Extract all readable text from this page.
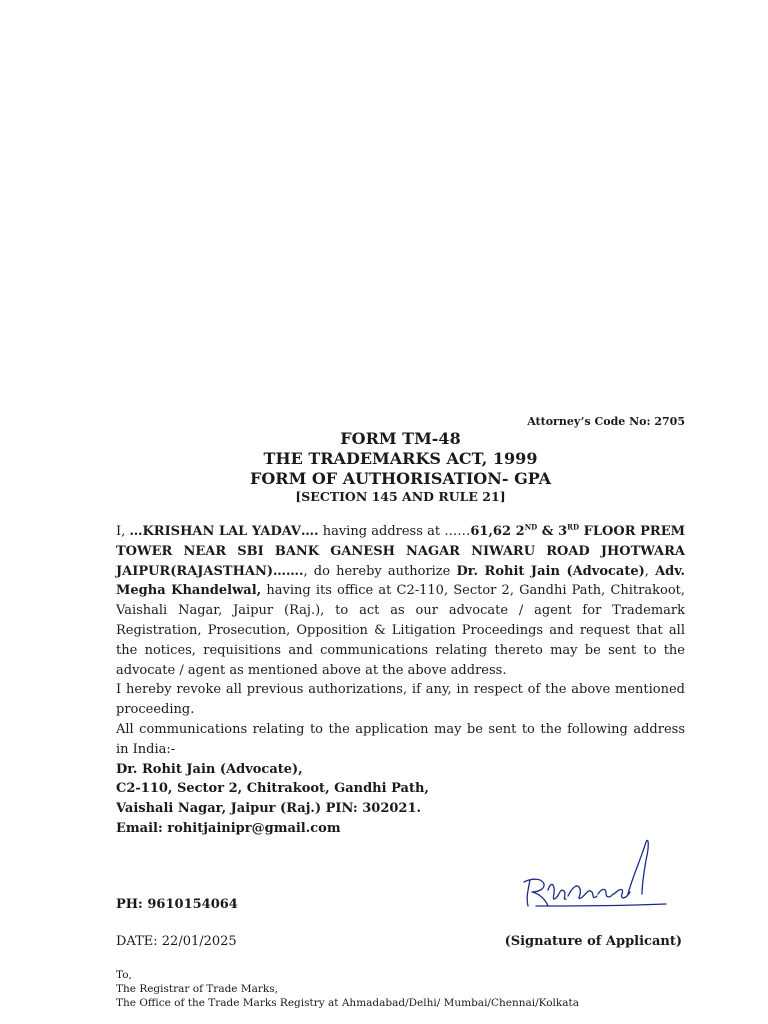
Attorney’s Code No: 2705
FORM TM-48
THE TRADEMARKS ACT, 1999
FORM OF AUTHORISATION- GPA
[SECTION 145 AND RULE 21]

I, …KRISHAN LAL YADAV…. having address at ……61,62 2ND & 3RD FLOOR PREM TOWER NEAR SBI BANK GANESH NAGAR NIWARU ROAD JHOTWARA JAIPUR(RAJASTHAN)……., do hereby authorize Dr. Rohit Jain (Advocate), Adv. Megha Khandelwal, having its office at C2-110, Sector 2, Gandhi Path, Chitrakoot, Vaishali Nagar, Jaipur (Raj.), to act as our advocate / agent for Trademark Registration, Prosecution, Opposition & Litigation Proceedings and request that all the notices, requisitions and communications relating thereto may be sent to the advocate / agent as mentioned above at the above address.

I hereby revoke all previous authorizations, if any, in respect of the above mentioned proceeding.

All communications relating to the application may be sent to the following address in India:-

Dr. Rohit Jain (Advocate),
C2-110, Sector 2, Chitrakoot, Gandhi Path,
Vaishali Nagar, Jaipur (Raj.) PIN: 302021.
Email: rohitjainipr@gmail.com
PH: 9610154064
DATE: 22/01/2025	(Signature of Applicant)
To,
The Registrar of Trade Marks,
The Office of the Trade Marks Registry at Ahmadabad/Delhi/ Mumbai/Chennai/Kolkata
